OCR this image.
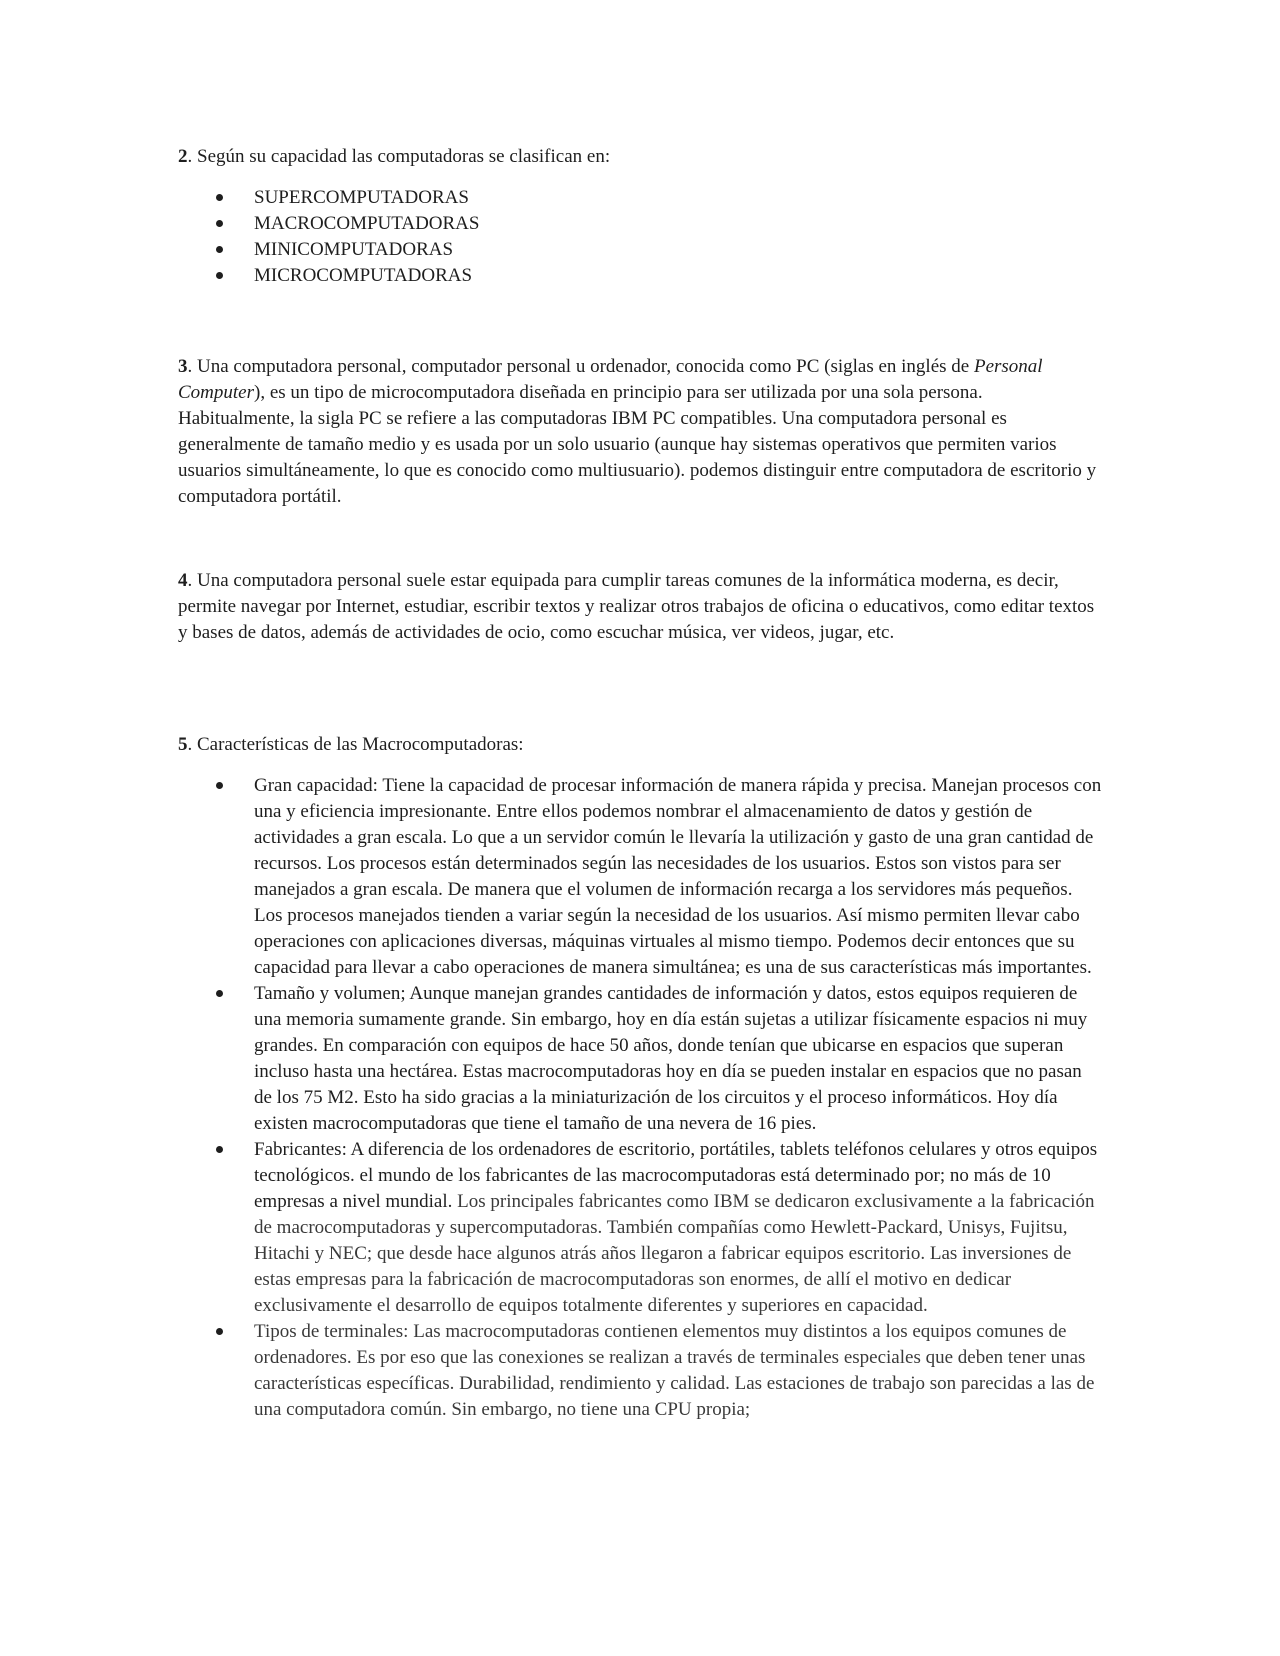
2. Según su capacidad las computadoras se clasifican en:

SUPERCOMPUTADORAS
MACROCOMPUTADORAS
MINICOMPUTADORAS
MICROCOMPUTADORAS

3. Una computadora personal, computador personal u ordenador, conocida como PC (siglas en inglés de Personal Computer), es un tipo de microcomputadora diseñada en principio para ser utilizada por una sola persona. Habitualmente, la sigla PC se refiere a las computadoras IBM PC compatibles. Una computadora personal es generalmente de tamaño medio y es usada por un solo usuario (aunque hay sistemas operativos que permiten varios usuarios simultáneamente, lo que es conocido como multiusuario). podemos distinguir entre computadora de escritorio y computadora portátil.

4. Una computadora personal suele estar equipada para cumplir tareas comunes de la informática moderna, es decir, permite navegar por Internet, estudiar, escribir textos y realizar otros trabajos de oficina o educativos, como editar textos y bases de datos, además de actividades de ocio, como escuchar música, ver videos, jugar, etc.

5. Características de las Macrocomputadoras:

Gran capacidad: Tiene la capacidad de procesar información de manera rápida y precisa. Manejan procesos con una y eficiencia impresionante. Entre ellos podemos nombrar el almacenamiento de datos y gestión de actividades a gran escala. Lo que a un servidor común le llevaría la utilización y gasto de una gran cantidad de recursos. Los procesos están determinados según las necesidades de los usuarios. Estos son vistos para ser manejados a gran escala. De manera que el volumen de información recarga a los servidores más pequeños. Los procesos manejados tienden a variar según la necesidad de los usuarios. Así mismo permiten llevar cabo operaciones con aplicaciones diversas, máquinas virtuales al mismo tiempo. Podemos decir entonces que su capacidad para llevar a cabo operaciones de manera simultánea; es una de sus características más importantes.
Tamaño y volumen; Aunque manejan grandes cantidades de información y datos, estos equipos requieren de una memoria sumamente grande. Sin embargo, hoy en día están sujetas a utilizar físicamente espacios ni muy grandes. En comparación con equipos de hace 50 años, donde tenían que ubicarse en espacios que superan incluso hasta una hectárea. Estas macrocomputadoras hoy en día se pueden instalar en espacios que no pasan de los 75 M2. Esto ha sido gracias a la miniaturización de los circuitos y el proceso informáticos. Hoy día existen macrocomputadoras que tiene el tamaño de una nevera de 16 pies.
Fabricantes: A diferencia de los ordenadores de escritorio, portátiles, tablets teléfonos celulares y otros equipos tecnológicos. el mundo de los fabricantes de las macrocomputadoras está determinado por; no más de 10 empresas a nivel mundial. Los principales fabricantes como IBM se dedicaron exclusivamente a la fabricación de macrocomputadoras y supercomputadoras. También compañías como Hewlett-Packard, Unisys, Fujitsu, Hitachi y NEC; que desde hace algunos atrás años llegaron a fabricar equipos escritorio. Las inversiones de estas empresas para la fabricación de macrocomputadoras son enormes, de allí el motivo en dedicar exclusivamente el desarrollo de equipos totalmente diferentes y superiores en capacidad.
Tipos de terminales: Las macrocomputadoras contienen elementos muy distintos a los equipos comunes de ordenadores. Es por eso que las conexiones se realizan a través de terminales especiales que deben tener unas características específicas. Durabilidad, rendimiento y calidad. Las estaciones de trabajo son parecidas a las de una computadora común. Sin embargo, no tiene una CPU propia;
